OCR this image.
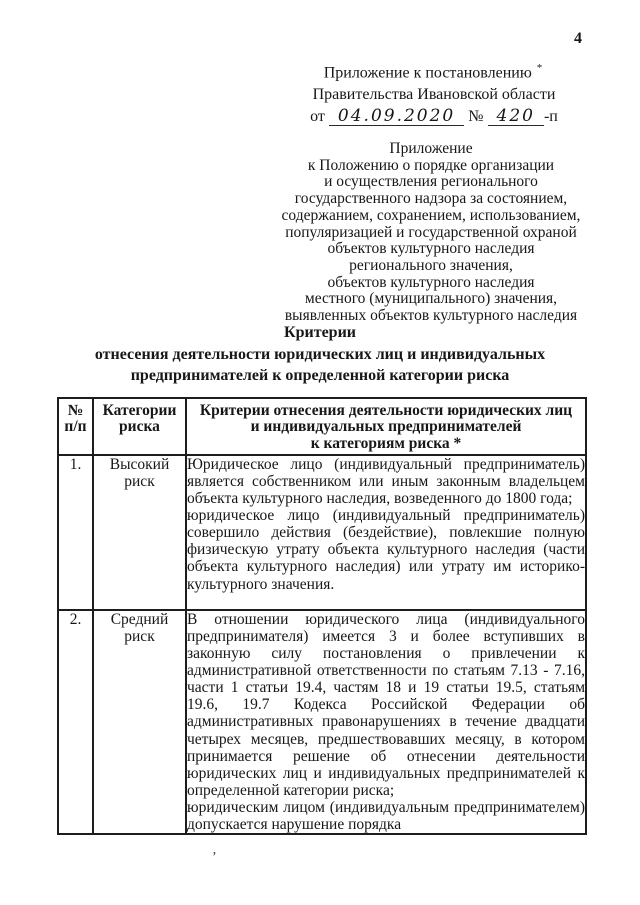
4
Приложение к постановлению *
Правительства Ивановской области
от 04.09.2020 № 420 -п
Приложение
к Положению о порядке организации
и осуществления регионального
государственного надзора за состоянием,
содержанием, сохранением, использованием,
популяризацией и государственной охраной
объектов культурного наследия
регионального значения,
объектов культурного наследия
местного (муниципального) значения,
выявленных объектов культурного наследия
Критерии
отнесения деятельности юридических лиц и индивидуальных
предпринимателей к определенной категории риска
№ п/п	Категории риска	Критерии отнесения деятельности юридических лиц
и индивидуальных предпринимателей
к категориям риска *

1.	Высокий риск	Юридическое лицо (индивидуальный предприниматель) является собственником или иным законным владельцем объекта культурного наследия, возведенного до 1800 года;

юридическое лицо (индивидуальный предприниматель) совершило действия (бездействие), повлекшие полную физическую утрату объекта культурного наследия (части объекта культурного наследия) или утрату им историко-культурного значения.

2.	Средний риск	В отношении юридического лица (индивидуального предпринимателя) имеется 3 и более вступивших в законную силу постановления о привлечении к административной ответственности по статьям 7.13 - 7.16, части 1 статьи 19.4, частям 18 и 19 статьи 19.5, статьям 19.6, 19.7 Кодекса Российской Федерации об административных правонарушениях в течение двадцати четырех месяцев, предшествовавших месяцу, в котором принимается решение об отнесении деятельности юридических лиц и индивидуальных предпринимателей к определенной категории риска;

юридическим лицом (индивидуальным предпринимателем) допускается нарушение порядка

’
